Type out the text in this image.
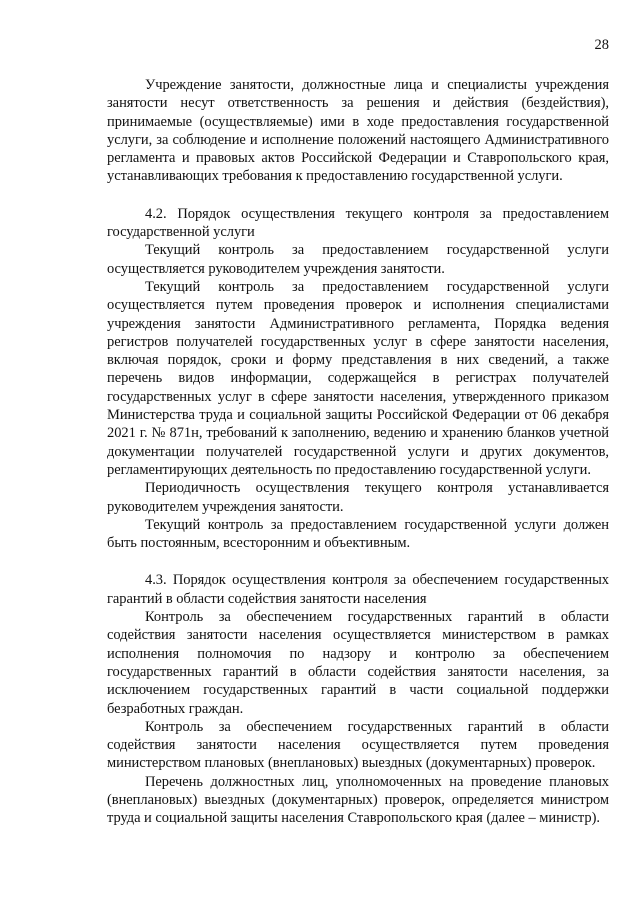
28

Учреждение занятости, должностные лица и специалисты учреждения занятости несут ответственность за решения и действия (бездействия), принимаемые (осуществляемые) ими в ходе предоставления государственной услуги, за соблюдение и исполнение положений настоящего Административного регламента и правовых актов Российской Федерации и Ставропольского края, устанавливающих требования к предоставлению государственной услуги.

4.2. Порядок осуществления текущего контроля за предоставлением государственной услуги

Текущий контроль за предоставлением государственной услуги осуществляется руководителем учреждения занятости.

Текущий контроль за предоставлением государственной услуги осуществляется путем проведения проверок и исполнения специалистами учреждения занятости Административного регламента, Порядка ведения регистров получателей государственных услуг в сфере занятости населения, включая порядок, сроки и форму представления в них сведений, а также перечень видов информации, содержащейся в регистрах получателей государственных услуг в сфере занятости населения, утвержденного приказом Министерства труда и социальной защиты Российской Федерации от 06 декабря 2021 г. № 871н, требований к заполнению, ведению и хранению бланков учетной документации получателей государственной услуги и других документов, регламентирующих деятельность по предоставлению государственной услуги.

Периодичность осуществления текущего контроля устанавливается руководителем учреждения занятости.

Текущий контроль за предоставлением государственной услуги должен быть постоянным, всесторонним и объективным.

4.3. Порядок осуществления контроля за обеспечением государственных гарантий в области содействия занятости населения

Контроль за обеспечением государственных гарантий в области содействия занятости населения осуществляется министерством в рамках исполнения полномочия по надзору и контролю за обеспечением государственных гарантий в области содействия занятости населения, за исключением государственных гарантий в части социальной поддержки безработных граждан.

Контроль за обеспечением государственных гарантий в области содействия занятости населения осуществляется путем проведения министерством плановых (внеплановых) выездных (документарных) проверок.

Перечень должностных лиц, уполномоченных на проведение плановых (внеплановых) выездных (документарных) проверок, определяется министром труда и социальной защиты населения Ставропольского края (далее – министр).
